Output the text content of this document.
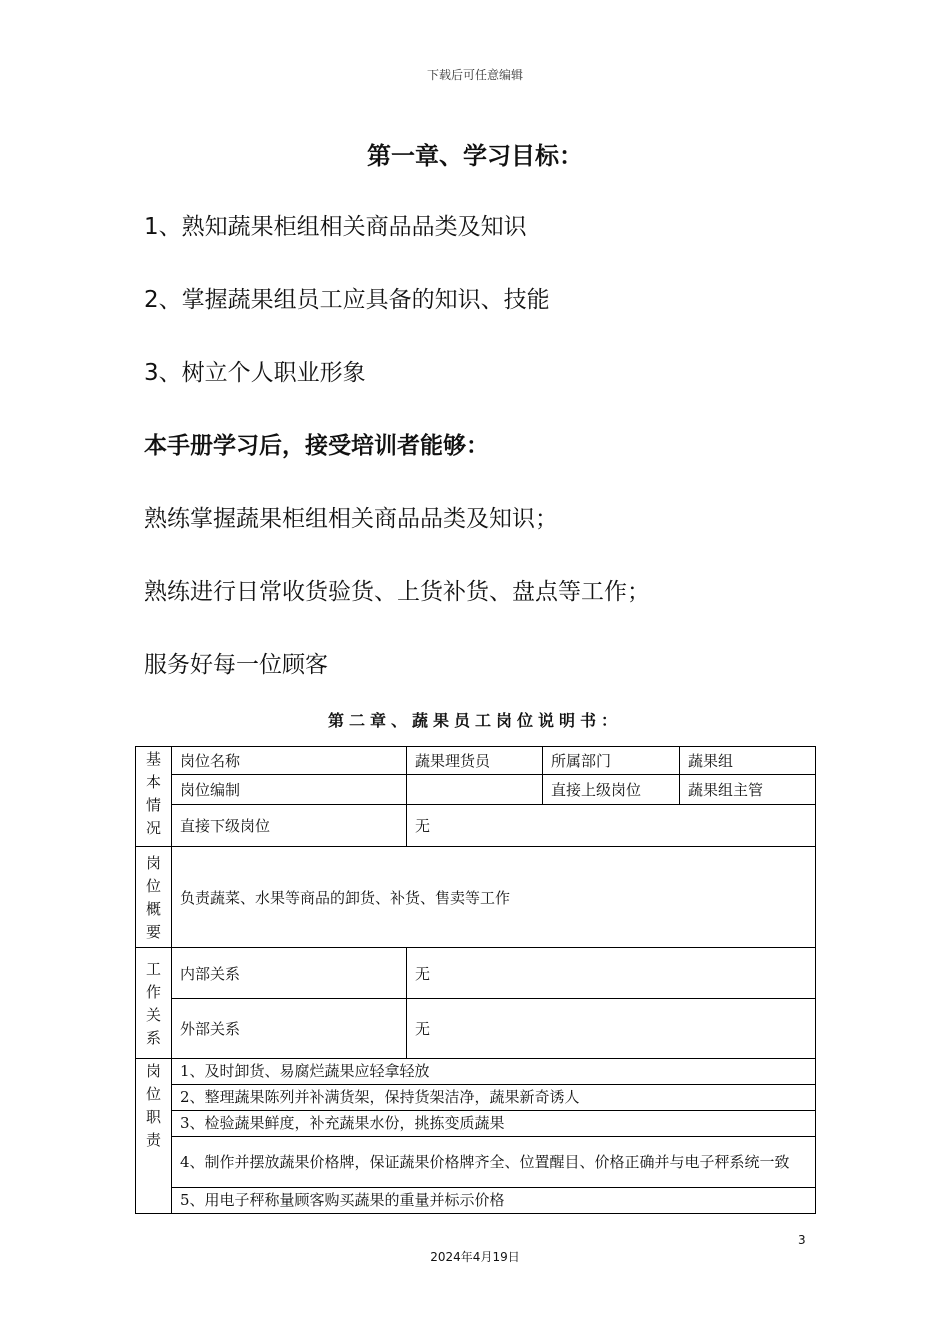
下载后可任意编辑
第一章、学习目标：
1、熟知蔬果柜组相关商品品类及知识
2、掌握蔬果组员工应具备的知识、技能
3、树立个人职业形象
本手册学习后，接受培训者能够：
熟练掌握蔬果柜组相关商品品类及知识；
熟练进行日常收货验货、上货补货、盘点等工作；
服务好每一位顾客
第二章、蔬果员工岗位说明书：
基
本
情
况	岗位名称	蔬果理货员	所属部门	蔬果组
	岗位编制		直接上级岗位	蔬果组主管
	直接下级岗位	无		

岗
位
概
要	负责蔬菜、水果等商品的卸货、补货、售卖等工作			

工
作
关
系	内部关系	无		
	外部关系	无		

岗
位
职
责	1、及时卸货、易腐烂蔬果应轻拿轻放			
	2、整理蔬果陈列并补满货架，保持货架洁净，蔬果新奇诱人			
	3、检验蔬果鲜度，补充蔬果水份，挑拣变质蔬果			
	4、制作并摆放蔬果价格牌，保证蔬果价格牌齐全、位置醒目、价格正确并与电子秤系统一致			
	5、用电子秤称量顾客购买蔬果的重量并标示价格			
3
2024年4月19日
